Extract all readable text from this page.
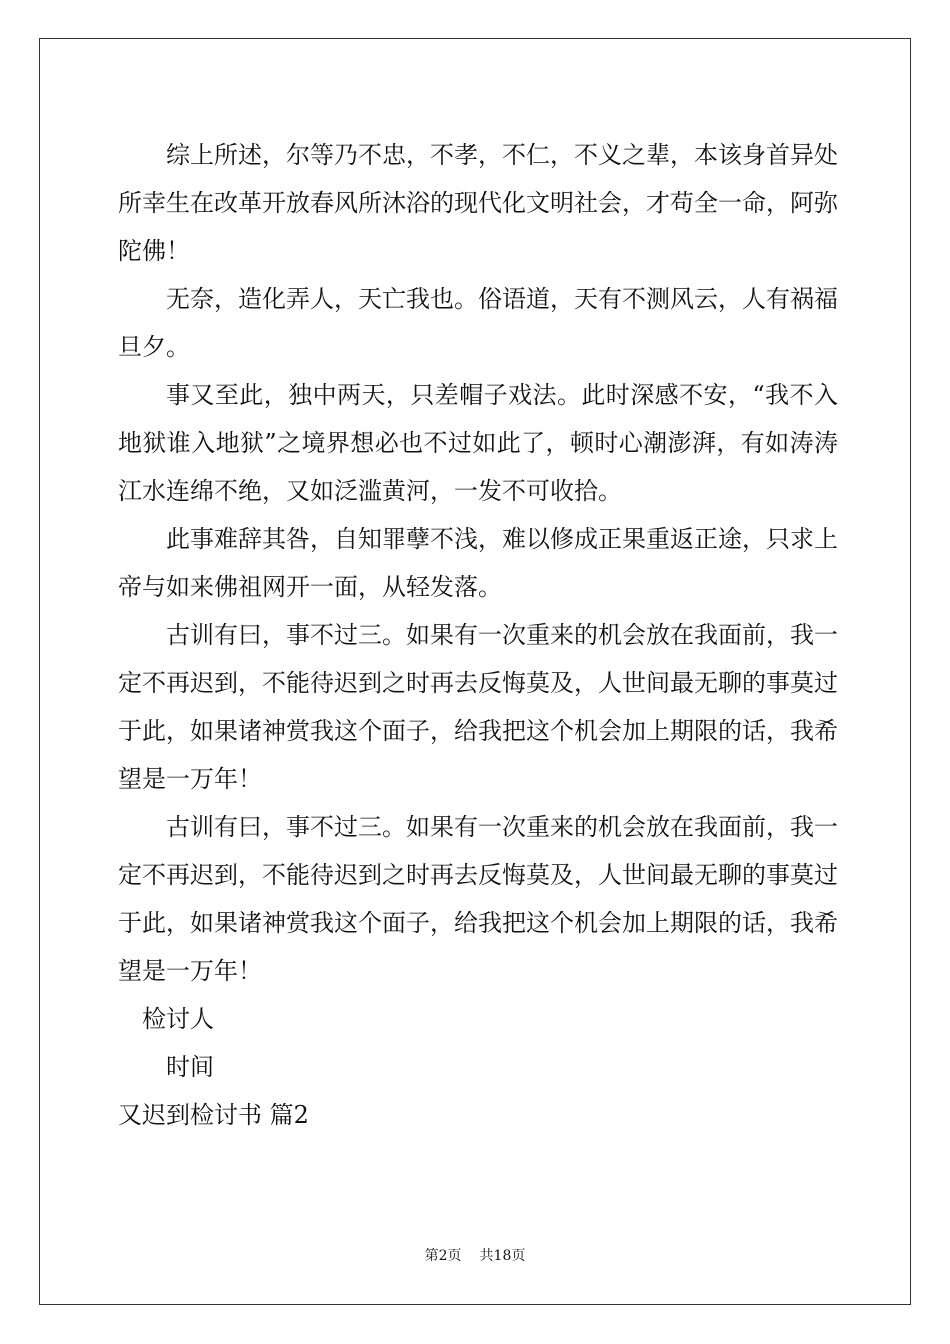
综上所述，尔等乃不忠，不孝，不仁，不义之辈，本该身首异处所幸生在改革开放春风所沐浴的现代化文明社会，才苟全一命，阿弥陀佛！

无奈，造化弄人，天亡我也。俗语道，天有不测风云，人有祸福旦夕。

事又至此，独中两天，只差帽子戏法。此时深感不安，“我不入地狱谁入地狱”之境界想必也不过如此了，顿时心潮澎湃，有如涛涛江水连绵不绝，又如泛滥黄河，一发不可收拾。

此事难辞其咎，自知罪孽不浅，难以修成正果重返正途，只求上帝与如来佛祖网开一面，从轻发落。

古训有曰，事不过三。如果有一次重来的机会放在我面前，我一定不再迟到，不能待迟到之时再去反悔莫及，人世间最无聊的事莫过于此，如果诸神赏我这个面子，给我把这个机会加上期限的话，我希望是一万年！

古训有曰，事不过三。如果有一次重来的机会放在我面前，我一定不再迟到，不能待迟到之时再去反悔莫及，人世间最无聊的事莫过于此，如果诸神赏我这个面子，给我把这个机会加上期限的话，我希望是一万年！

检讨人

时间

又迟到检讨书 篇2

第2页 共18页
